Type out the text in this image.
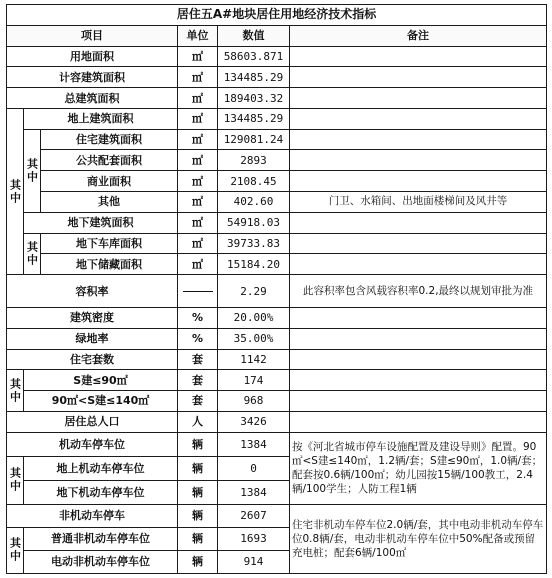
居住五A#地块居住用地经济技术指标					
项目			单位	数值	备注
用地面积			㎡	58603.871	
计容建筑面积			㎡	134485.29	
总建筑面积			㎡	189403.32	
其中	地上建筑面积		㎡	134485.29	
	其中	住宅建筑面积	㎡	129081.24	
		公共配套面积	㎡	2893	
		商业面积	㎡	2108.45	
		其他	㎡	402.60	门卫、水箱间、出地面楼梯间及风井等
	地下建筑面积		㎡	54918.03	
	其中	地下车库面积	㎡	39733.83	
		地下储藏面积	㎡	15184.20	
容积率				2.29	此容积率包含风载容积率0.2,最终以规划审批为准
建筑密度			%	20.00%	
绿地率			%	35.00%	
住宅套数			套	1142	
其中	S建≤90㎡		套	174	
	90㎡<S建≤140㎡		套	968	
居住总人口			人	3426	
机动车停车位			辆	1384	按《河北省城市停车设施配置及建设导则》配置。90㎡<S建≤140㎡，1.2辆/套；S建≤90㎡，1.0辆/套；配套按0.6辆/100㎡；幼儿园按15辆/100教工，2.4辆/100学生；人防工程1辆
其中	地上机动车停车位		辆	0	
	地下机动车停车位		辆	1384	
非机动车停车			辆	2607	住宅非机动车停车位2.0辆/套，其中电动非机动车停车位0.8辆/套，电动非机动车停车位中50%配备或预留充电桩；配套6辆/100㎡
其中	普通非机动车停车位		辆	1693	
	电动非机动车停车位		辆	914	
